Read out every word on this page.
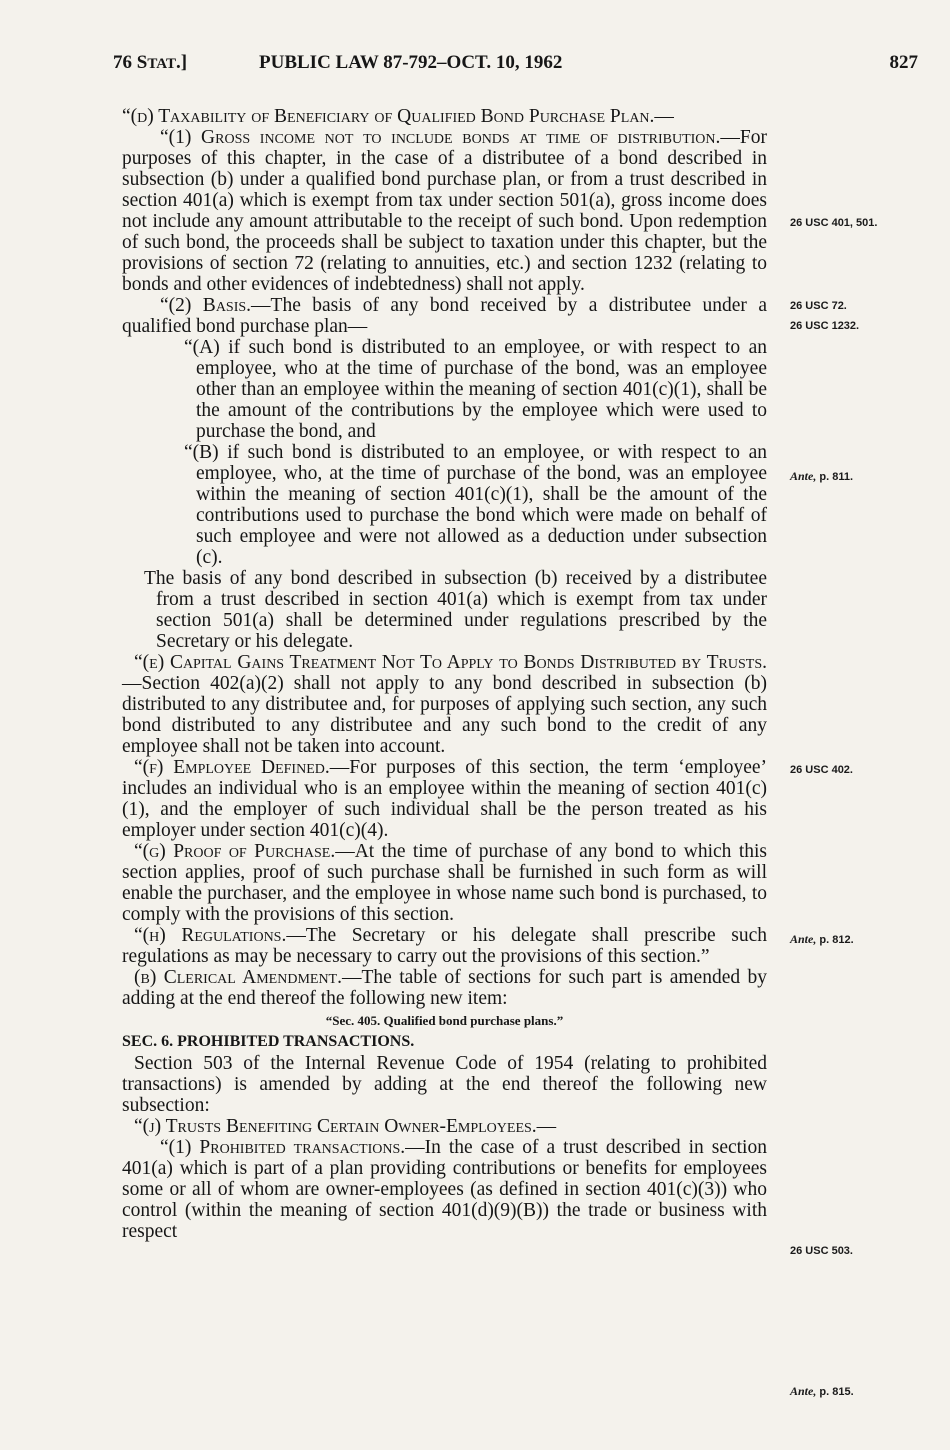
76 STAT.]	PUBLIC LAW 87-792–OCT. 10, 1962	827

“(d) Taxability of Beneficiary of Qualified Bond Purchase Plan.—

“(1) Gross income not to include bonds at time of distribution.—For purposes of this chapter, in the case of a distributee of a bond described in subsection (b) under a qualified bond purchase plan, or from a trust described in section 401(a) which is exempt from tax under section 501(a), gross income does not include any amount attributable to the receipt of such bond. Upon redemption of such bond, the proceeds shall be subject to taxation under this chapter, but the provisions of section 72 (relating to annuities, etc.) and section 1232 (relating to bonds and other evidences of indebtedness) shall not apply.

“(2) Basis.—The basis of any bond received by a distributee under a qualified bond purchase plan—

“(A) if such bond is distributed to an employee, or with respect to an employee, who at the time of purchase of the bond, was an employee other than an employee within the meaning of section 401(c)(1), shall be the amount of the contributions by the employee which were used to purchase the bond, and

“(B) if such bond is distributed to an employee, or with respect to an employee, who, at the time of purchase of the bond, was an employee within the meaning of section 401(c)(1), shall be the amount of the contributions used to purchase the bond which were made on behalf of such employee and were not allowed as a deduction under subsection (c).

The basis of any bond described in subsection (b) received by a distributee from a trust described in section 401(a) which is exempt from tax under section 501(a) shall be determined under regulations prescribed by the Secretary or his delegate.

“(e) Capital Gains Treatment Not To Apply to Bonds Distributed by Trusts.—Section 402(a)(2) shall not apply to any bond described in subsection (b) distributed to any distributee and, for purposes of applying such section, any such bond distributed to any distributee and any such bond to the credit of any employee shall not be taken into account.

“(f) Employee Defined.—For purposes of this section, the term ‘employee’ includes an individual who is an employee within the meaning of section 401(c)(1), and the employer of such individual shall be the person treated as his employer under section 401(c)(4).

“(g) Proof of Purchase.—At the time of purchase of any bond to which this section applies, proof of such purchase shall be furnished in such form as will enable the purchaser, and the employee in whose name such bond is purchased, to comply with the provisions of this section.

“(h) Regulations.—The Secretary or his delegate shall prescribe such regulations as may be necessary to carry out the provisions of this section.”

(b) Clerical Amendment.—The table of sections for such part is amended by adding at the end thereof the following new item:

“Sec. 405. Qualified bond purchase plans.”

SEC. 6. PROHIBITED TRANSACTIONS.

Section 503 of the Internal Revenue Code of 1954 (relating to prohibited transactions) is amended by adding at the end thereof the following new subsection:

“(j) Trusts Benefiting Certain Owner-Employees.—

“(1) Prohibited transactions.—In the case of a trust described in section 401(a) which is part of a plan providing contributions or benefits for employees some or all of whom are owner-employees (as defined in section 401(c)(3)) who control (within the meaning of section 401(d)(9)(B)) the trade or business with respect

26 USC 401, 501.
26 USC 72.
26 USC 1232.
Ante, p. 811.
26 USC 402.
Ante, p. 812.
26 USC 503.
Ante, p. 815.
